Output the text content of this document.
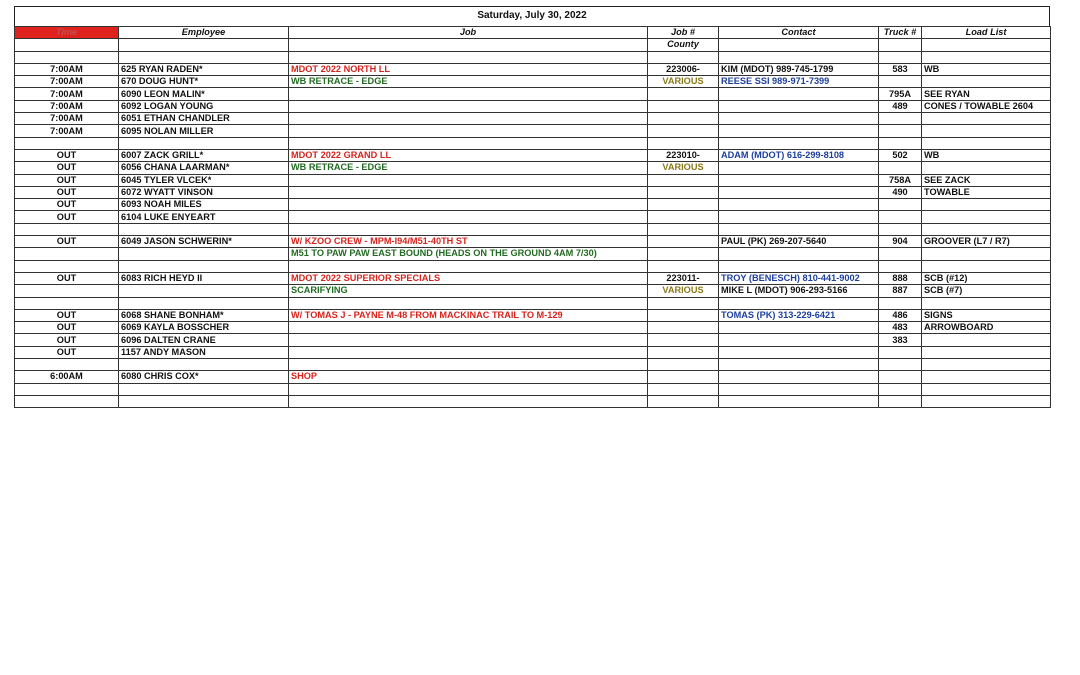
Saturday, July 30, 2022
Time	Employee	Job	Job #	Contact	Truck #	Load List
			County			

7:00AM	625 RYAN RADEN*	MDOT 2022 NORTH LL	223006-	KIM (MDOT) 989-745-1799	583	WB
7:00AM	670 DOUG HUNT*	WB RETRACE - EDGE	VARIOUS	REESE SSI 989-971-7399		
7:00AM	6090 LEON MALIN*				795A	SEE RYAN
7:00AM	6092 LOGAN YOUNG				489	CONES / TOWABLE 2604
7:00AM	6051 ETHAN CHANDLER					
7:00AM	6095 NOLAN MILLER					

OUT	6007 ZACK GRILL*	MDOT 2022 GRAND LL	223010-	ADAM (MDOT) 616-299-8108	502	WB
OUT	6056 CHANA LAARMAN*	WB RETRACE - EDGE	VARIOUS			
OUT	6045 TYLER VLCEK*				758A	SEE ZACK
OUT	6072 WYATT VINSON				490	TOWABLE
OUT	6093 NOAH MILES					
OUT	6104 LUKE ENYEART					

OUT	6049 JASON SCHWERIN*	W/ KZOO CREW - MPM-I94/M51-40TH ST		PAUL (PK) 269-207-5640	904	GROOVER (L7 / R7)
		M51 TO PAW PAW EAST BOUND (HEADS ON THE GROUND 4AM 7/30)				

OUT	6083 RICH HEYD II	MDOT 2022 SUPERIOR SPECIALS	223011-	TROY (BENESCH) 810-441-9002	888	SCB (#12)
		SCARIFYING	VARIOUS	MIKE L (MDOT) 906-293-5166	887	SCB (#7)

OUT	6068 SHANE BONHAM*	W/ TOMAS J - PAYNE M-48 FROM MACKINAC TRAIL TO M-129		TOMAS (PK) 313-229-6421	486	SIGNS
OUT	6069 KAYLA BOSSCHER				483	ARROWBOARD
OUT	6096 DALTEN CRANE				383	
OUT	1157 ANDY MASON					

6:00AM	6080 CHRIS COX*	SHOP				
